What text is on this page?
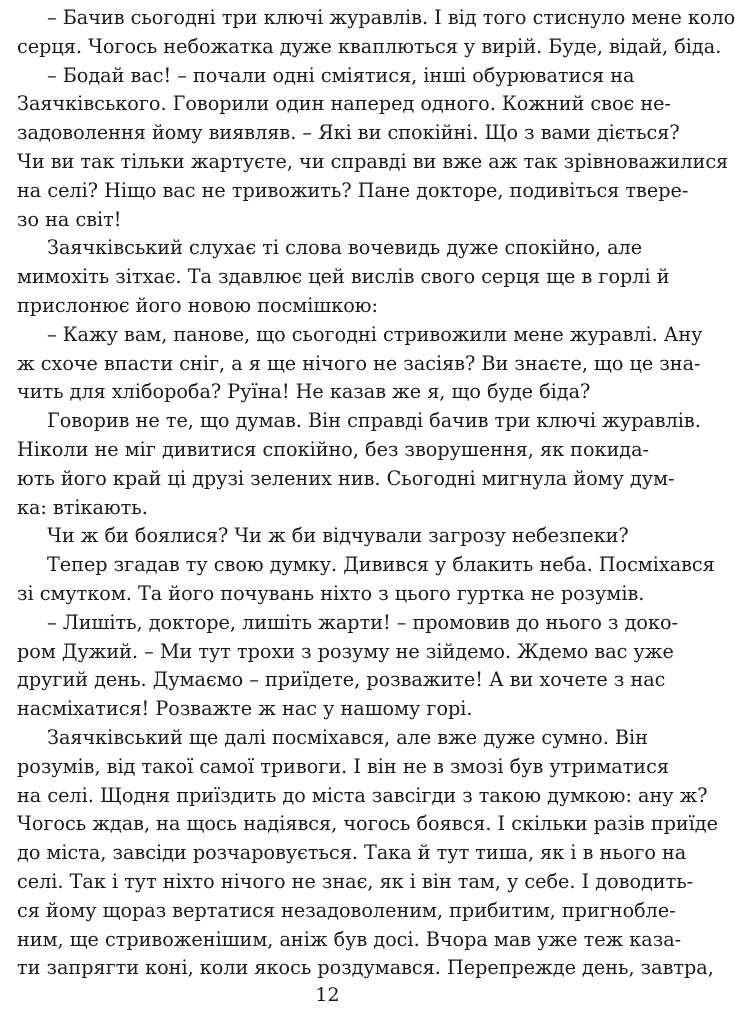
– Бачив сьогодні три ключі журавлів. І від того стиснуло мене коло
серця. Чогось небожатка дуже кваплються у вирій. Буде, відай, біда.
– Бодай вас! – почали одні сміятися, інші обурюватися на
Заячківського. Говорили один наперед одного. Кожний своє не-
задоволення йому виявляв. – Які ви спокійні. Що з вами діється?
Чи ви так тільки жартуєте, чи справді ви вже аж так зрівноважилися
на селі? Ніщо вас не тривожить? Пане докторе, подивіться твере-
зо на світ!
Заячківський слухає ті слова вочевидь дуже спокійно, але
мимохіть зітхає. Та здавлює цей вислів свого серця ще в горлі й
прислонює його новою посмішкою:
– Кажу вам, панове, що сьогодні стривожили мене журавлі. Ану
ж схоче впасти сніг, а я ще нічого не засіяв? Ви знаєте, що це зна-
чить для хлібороба? Руїна! Не казав же я, що буде біда?
Говорив не те, що думав. Він справді бачив три ключі журавлів.
Ніколи не міг дивитися спокійно, без зворушення, як покида-
ють його край ці друзі зелених нив. Сьогодні мигнула йому дум-
ка: втікають.
Чи ж би боялися? Чи ж би відчували загрозу небезпеки?
Тепер згадав ту свою думку. Дивився у блакить неба. Посміхався
зі смутком. Та його почувань ніхто з цього гуртка не розумів.
– Лишіть, докторе, лишіть жарти! – промовив до нього з доко-
ром Дужий. – Ми тут трохи з розуму не зійдемо. Ждемо вас уже
другий день. Думаємо – приїдете, розважите! А ви хочете з нас
насміхатися! Розважте ж нас у нашому горі.
Заячківський ще далі посміхався, але вже дуже сумно. Він
розумів, від такої самої тривоги. І він не в змозі був утриматися
на селі. Щодня приїздить до міста завсігди з такою думкою: ану ж?
Чогось ждав, на щось надіявся, чогось боявся. І скільки разів приїде
до міста, завсіди розчаровується. Така й тут тиша, як і в нього на
селі. Так і тут ніхто нічого не знає, як і він там, у себе. І доводить-
ся йому щораз вертатися незадоволеним, прибитим, пригнобле-
ним, ще стривоженішим, аніж був досі. Вчора мав уже теж казa-
ти запрягти коні, коли якось роздумався. Перепрежде день, завтра,
12
